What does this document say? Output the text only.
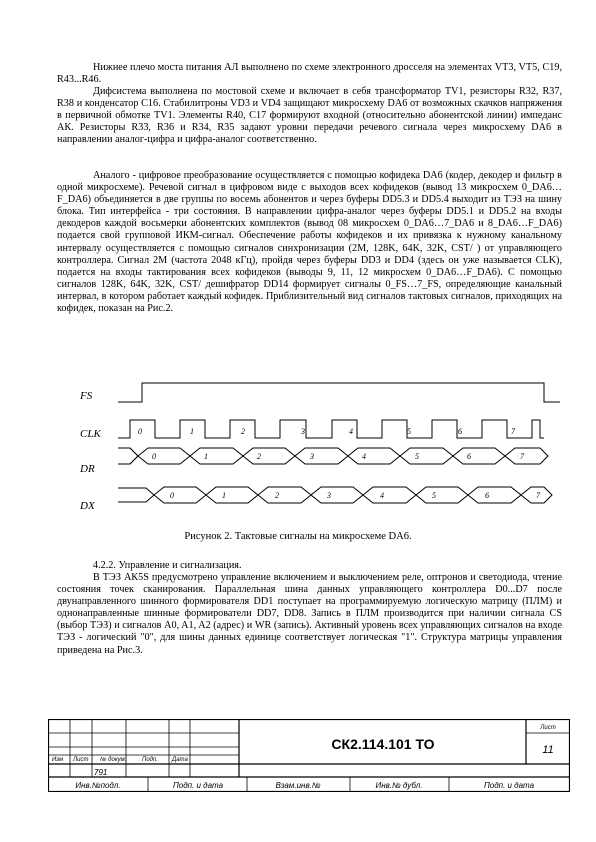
Нижнее плечо моста питания АЛ выполнено по схеме электронного дросселя на элементах VT3, VT5, C19, R43...R46.

Дифсистема выполнена по мостовой схеме и включает в себя трансформатор TV1, резисторы R32, R37, R38 и конденсатор C16. Стабилитроны VD3 и VD4 защищают микросхему DA6 от возможных скачков напряжения в первичной обмотке TV1. Элементы R40, C17 формируют входной (относительно абонентской линии) импеданс АК. Резисторы R33, R36 и R34, R35 задают уровни передачи речевого сигнала через микросхему DA6 в направлении аналог-цифра и цифра-аналог соответственно.

Аналого - цифровое преобразование осуществляется с помощью кофидека DA6 (кодер, декодер и фильтр в одной микросхеме). Речевой сигнал в цифровом виде с выходов всех кофидеков (вывод 13 микросхем 0_DA6…F_DA6) объединяется в две группы по восемь абонентов и через буферы DD5.3 и DD5.4 выходит из ТЭЗ на шину блока. Тип интерфейса - три состояния. В направлении цифра-аналог через буферы DD5.1 и DD5.2 на входы декодеров каждой восьмерки абонентских комплектов (вывод 08 микросхем 0_DA6…7_DA6 и 8_DA6…F_DA6) подается свой групповой ИКМ-сигнал. Обеспечение работы кофидеков и их привязка к нужному канальному интервалу осуществляется с помощью сигналов синхронизации (2M, 128K, 64K, 32K, CST/ ) от управляющего контроллера. Сигнал 2M (частота 2048 кГц), пройдя через буферы DD3 и DD4 (здесь он уже называется CLK), подается на входы тактирования всех кофидеков (выводы 9, 11, 12 микросхем 0_DA6…F_DA6). С помощью сигналов 128K, 64K, 32K, CST/ дешифратор DD14 формирует сигналы 0_FS…7_FS, определяющие канальный интервал, в котором работает каждый кофидек. Приблизительный вид сигналов тактовых сигналов, приходящих на кофидек, показан на Рис.2.

FS
CLK
DR
DX
0	1	2	3	4	5	6	7
0	1	2	3	4	5	6	7
0	1	2	3	4	5	6	7
Рисунок 2. Тактовые сигналы на микросхеме DA6.

4.2.2. Управление и сигнализация.

В ТЭЗ АК5S предусмотрено управление включением и выключением реле, оптронов и светодиода, чтение состояния точек сканирования. Параллельная шина данных управляющего контроллера D0...D7 после двунаправленного шинного формирователя DD1 поступает на программируемую логическую матрицу (ПЛМ) и однонаправленные шинные формирователи DD7, DD8. Запись в ПЛМ производится при наличии сигнала CS (выбор ТЭЗ) и сигналов A0, A1, A2 (адрес) и WR (запись). Активный уровень всех управляющих сигналов на входе ТЭЗ - логический "0", для шины данных единице соответствует логическая "1". Структура матрицы управления приведена на Рис.3.

Изм Лист № докум.	Подп. Дата
791
СК2.114.101 ТО
Лист
11
Инв.№подл.	Подп. и дата	Взам.инв.№	Инв.№ дубл.	Подп. и дата
